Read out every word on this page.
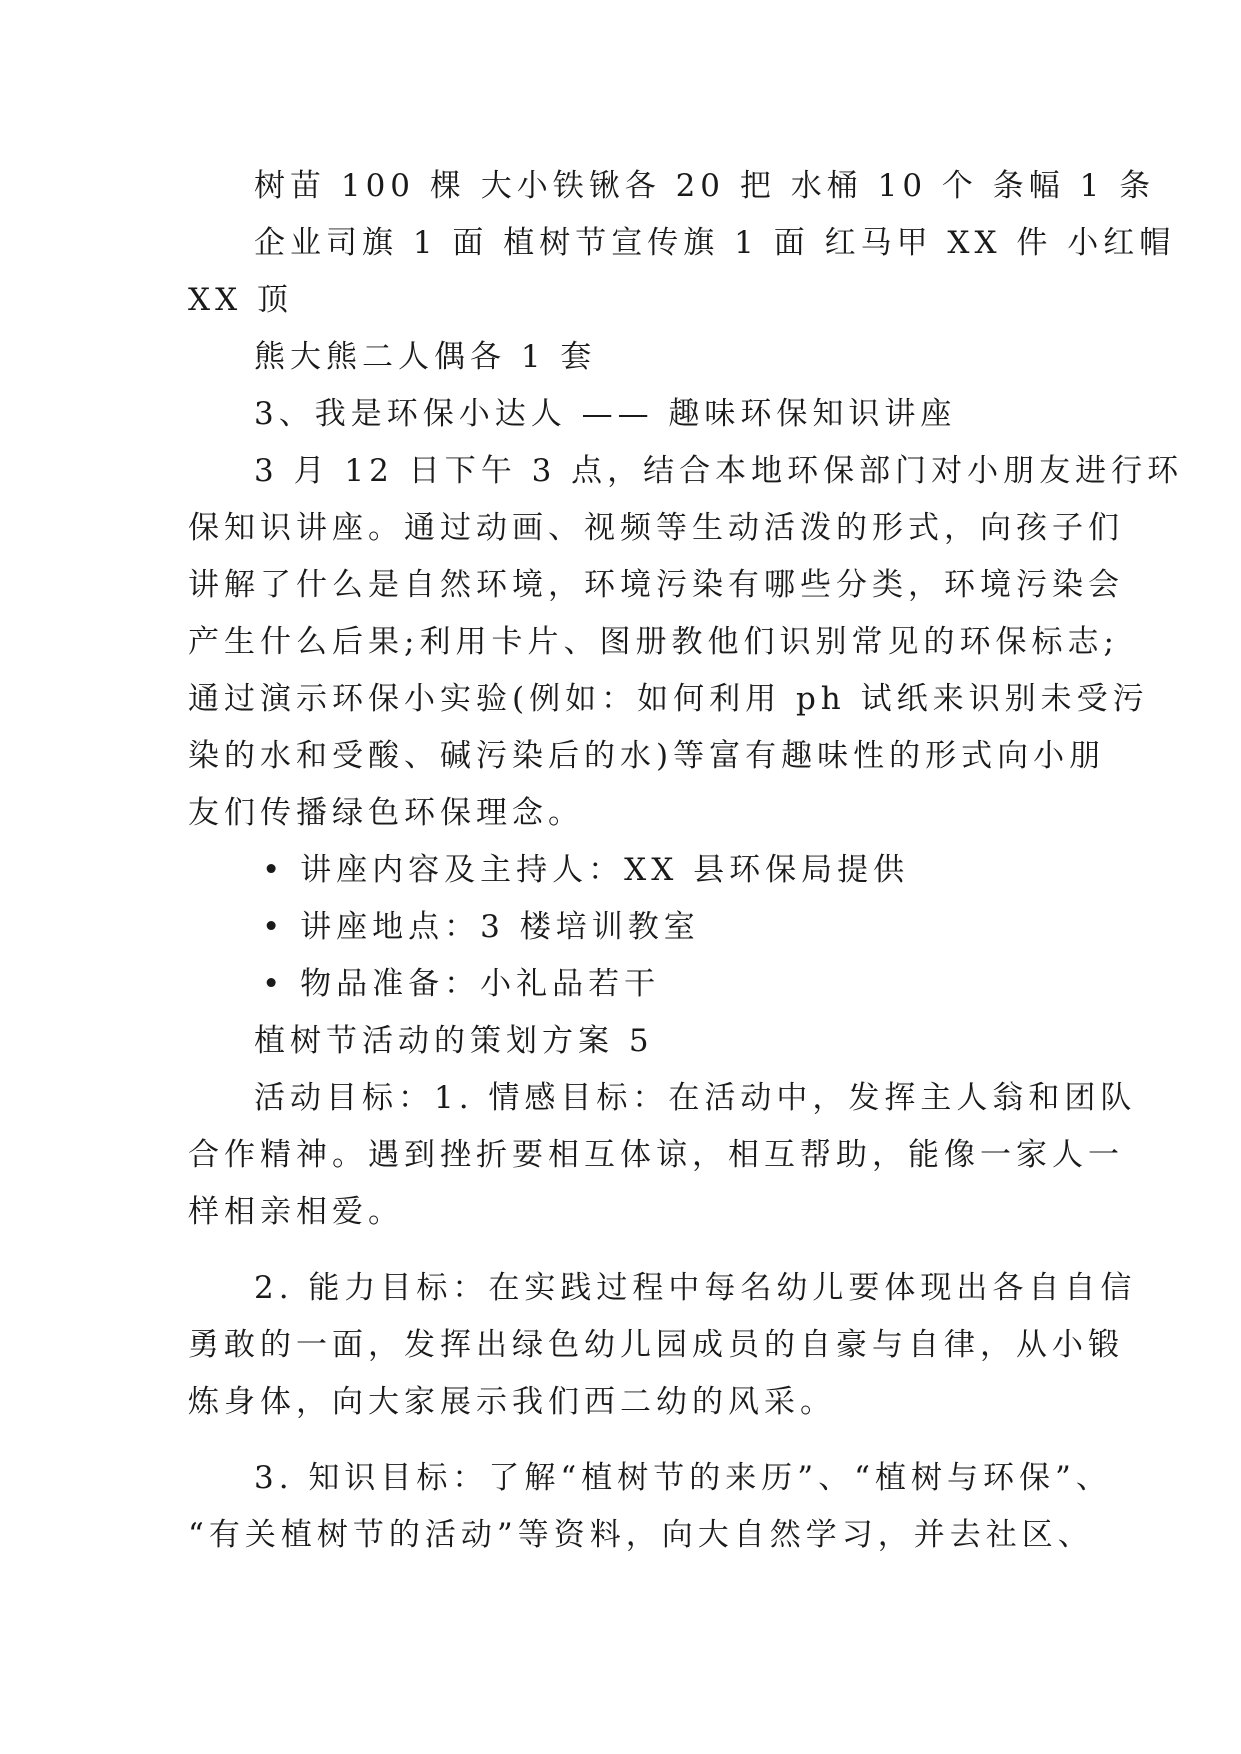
树苗 100 棵 大小铁锹各 20 把 水桶 10 个 条幅 1 条
企业司旗 1 面 植树节宣传旗 1 面 红马甲 XX 件 小红帽
XX 顶
熊大熊二人偶各 1 套
3、我是环保小达人 —— 趣味环保知识讲座
3 月 12 日下午 3 点，结合本地环保部门对小朋友进行环
保知识讲座。通过动画、视频等生动活泼的形式，向孩子们
讲解了什么是自然环境，环境污染有哪些分类，环境污染会
产生什么后果;利用卡片、图册教他们识别常见的环保标志;
通过演示环保小实验(例如：如何利用 ph 试纸来识别未受污
染的水和受酸、碱污染后的水)等富有趣味性的形式向小朋
友们传播绿色环保理念。
• 讲座内容及主持人：XX 县环保局提供
• 讲座地点：3 楼培训教室
• 物品准备：小礼品若干
植树节活动的策划方案 5
活动目标：1. 情感目标：在活动中，发挥主人翁和团队
合作精神。遇到挫折要相互体谅，相互帮助，能像一家人一
样相亲相爱。
2. 能力目标：在实践过程中每名幼儿要体现出各自自信
勇敢的一面，发挥出绿色幼儿园成员的自豪与自律，从小锻
炼身体，向大家展示我们西二幼的风采。
3. 知识目标：了解“植树节的来历”、“植树与环保”、
“有关植树节的活动”等资料，向大自然学习，并去社区、
